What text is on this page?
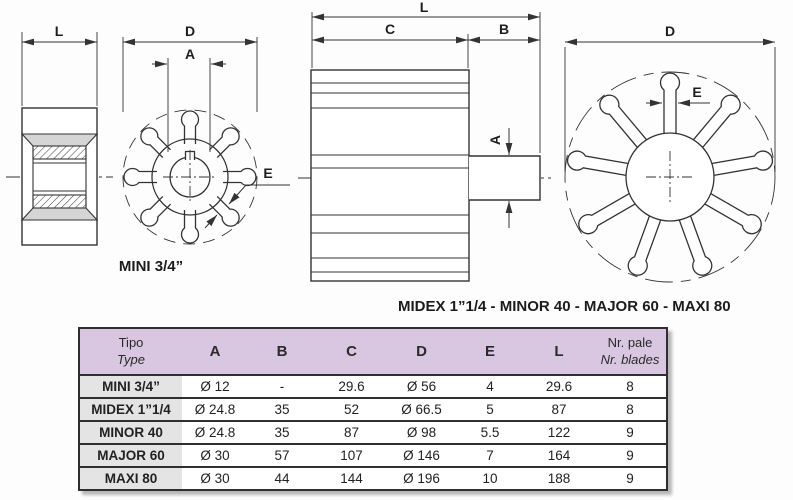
L	D
A
E
L
C	B
A
D
E
MINI 3/4”
MIDEX 1”1/4 - MINOR 40 - MAJOR 60 - MAXI 80
Tipo
Type	A	B	C	D	E	L
Nr. pale
Nr. blades
MINI 3/4”	Ø 12	-	29.6	Ø 56	4	29.6	8
MIDEX 1”1/4	Ø 24.8	35	52	Ø 66.5	5	87	8
MINOR 40	Ø 24.8	35	87	Ø 98	5.5	122	9
MAJOR 60	Ø 30	57	107	Ø 146	7	164	9
MAXI 80	Ø 30	44	144	Ø 196	10	188	9
